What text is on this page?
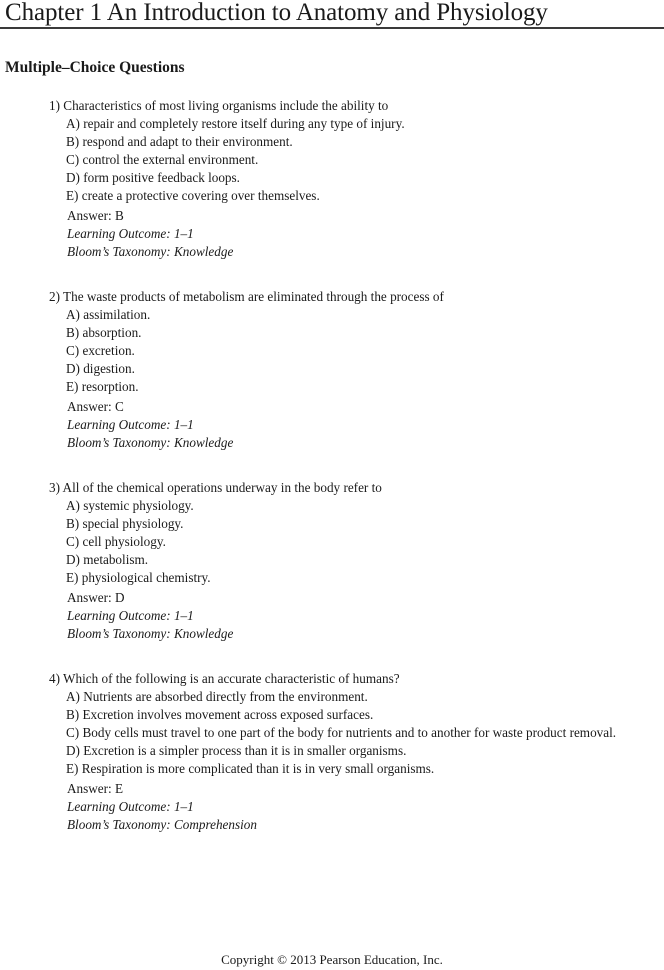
Chapter 1 An Introduction to Anatomy and Physiology
Multiple–Choice Questions
1) Characteristics of most living organisms include the ability to
A) repair and completely restore itself during any type of injury.
B) respond and adapt to their environment.
C) control the external environment.
D) form positive feedback loops.
E) create a protective covering over themselves.
Answer: B
Learning Outcome: 1–1
Bloom’s Taxonomy: Knowledge
2) The waste products of metabolism are eliminated through the process of
A) assimilation.
B) absorption.
C) excretion.
D) digestion.
E) resorption.
Answer: C
Learning Outcome: 1–1
Bloom’s Taxonomy: Knowledge
3) All of the chemical operations underway in the body refer to
A) systemic physiology.
B) special physiology.
C) cell physiology.
D) metabolism.
E) physiological chemistry.
Answer: D
Learning Outcome: 1–1
Bloom’s Taxonomy: Knowledge
4) Which of the following is an accurate characteristic of humans?
A) Nutrients are absorbed directly from the environment.
B) Excretion involves movement across exposed surfaces.
C) Body cells must travel to one part of the body for nutrients and to another for waste product removal.
D) Excretion is a simpler process than it is in smaller organisms.
E) Respiration is more complicated than it is in very small organisms.
Answer: E
Learning Outcome: 1–1
Bloom’s Taxonomy: Comprehension
Copyright © 2013 Pearson Education, Inc.
